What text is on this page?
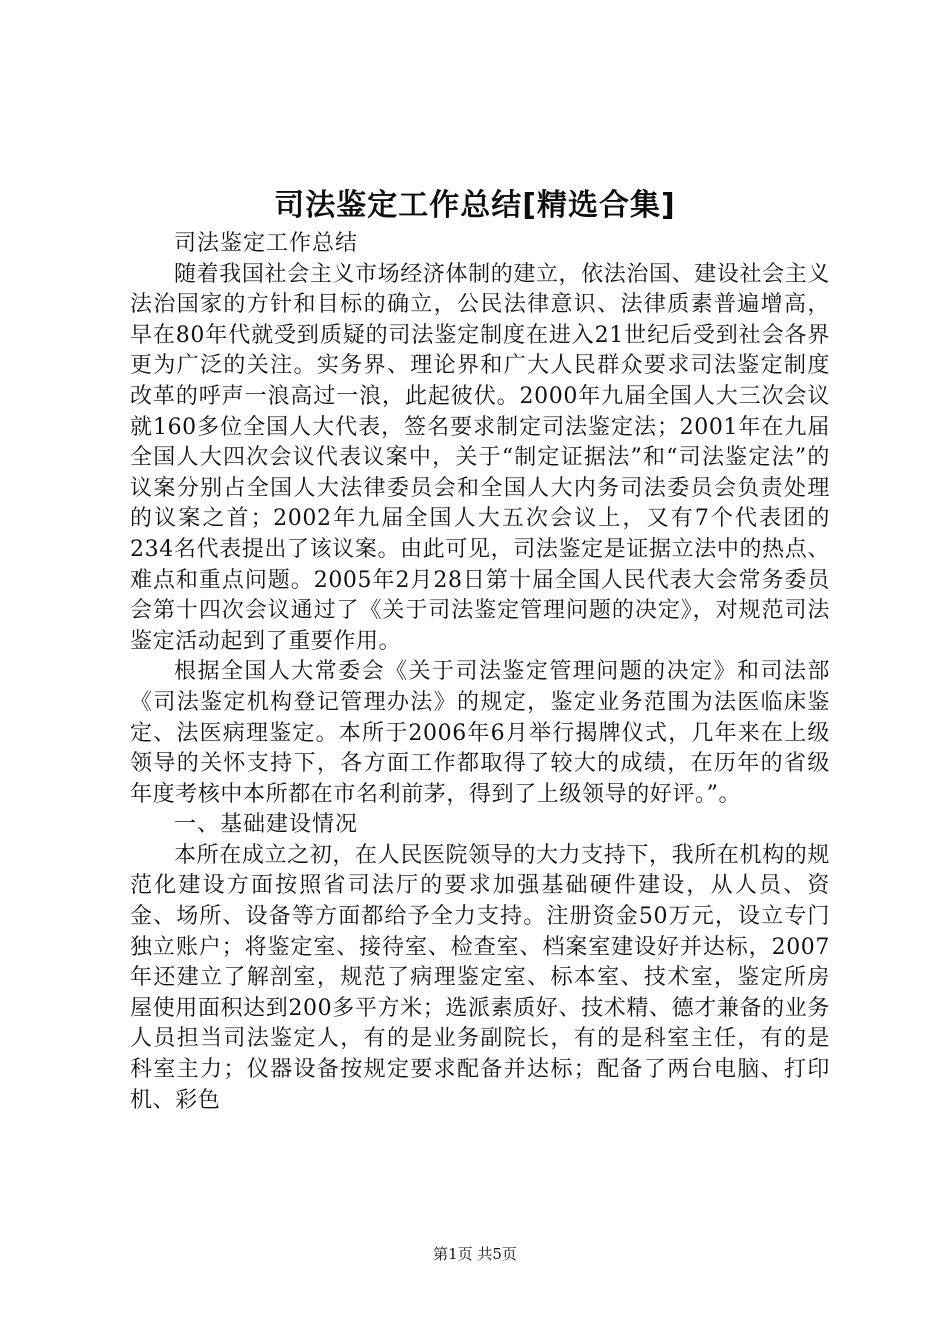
司法鉴定工作总结[精选合集]

司法鉴定工作总结

随着我国社会主义市场经济体制的建立，依法治国、建设社会主义法治国家的方针和目标的确立，公民法律意识、法律质素普遍增高，早在80年代就受到质疑的司法鉴定制度在进入21世纪后受到社会各界更为广泛的关注。实务界、理论界和广大人民群众要求司法鉴定制度改革的呼声一浪高过一浪，此起彼伏。2000年九届全国人大三次会议就160多位全国人大代表，签名要求制定司法鉴定法；2001年在九届全国人大四次会议代表议案中，关于“制定证据法”和“司法鉴定法”的议案分别占全国人大法律委员会和全国人大内务司法委员会负责处理的议案之首；2002年九届全国人大五次会议上，又有7个代表团的234名代表提出了该议案。由此可见，司法鉴定是证据立法中的热点、难点和重点问题。2005年2月28日第十届全国人民代表大会常务委员会第十四次会议通过了《关于司法鉴定管理问题的决定》，对规范司法鉴定活动起到了重要作用。

根据全国人大常委会《关于司法鉴定管理问题的决定》和司法部《司法鉴定机构登记管理办法》的规定，鉴定业务范围为法医临床鉴定、法医病理鉴定。本所于2006年6月举行揭牌仪式，几年来在上级领导的关怀支持下，各方面工作都取得了较大的成绩，在历年的省级年度考核中本所都在市名利前茅，得到了上级领导的好评。”。

一、基础建设情况

本所在成立之初，在人民医院领导的大力支持下，我所在机构的规范化建设方面按照省司法厅的要求加强基础硬件建设，从人员、资金、场所、设备等方面都给予全力支持。注册资金50万元，设立专门独立账户；将鉴定室、接待室、检查室、档案室建设好并达标，2007年还建立了解剖室，规范了病理鉴定室、标本室、技术室，鉴定所房屋使用面积达到200多平方米；选派素质好、技术精、德才兼备的业务人员担当司法鉴定人，有的是业务副院长，有的是科室主任，有的是科室主力；仪器设备按规定要求配备并达标；配备了两台电脑、打印机、彩色

第1页 共5页
